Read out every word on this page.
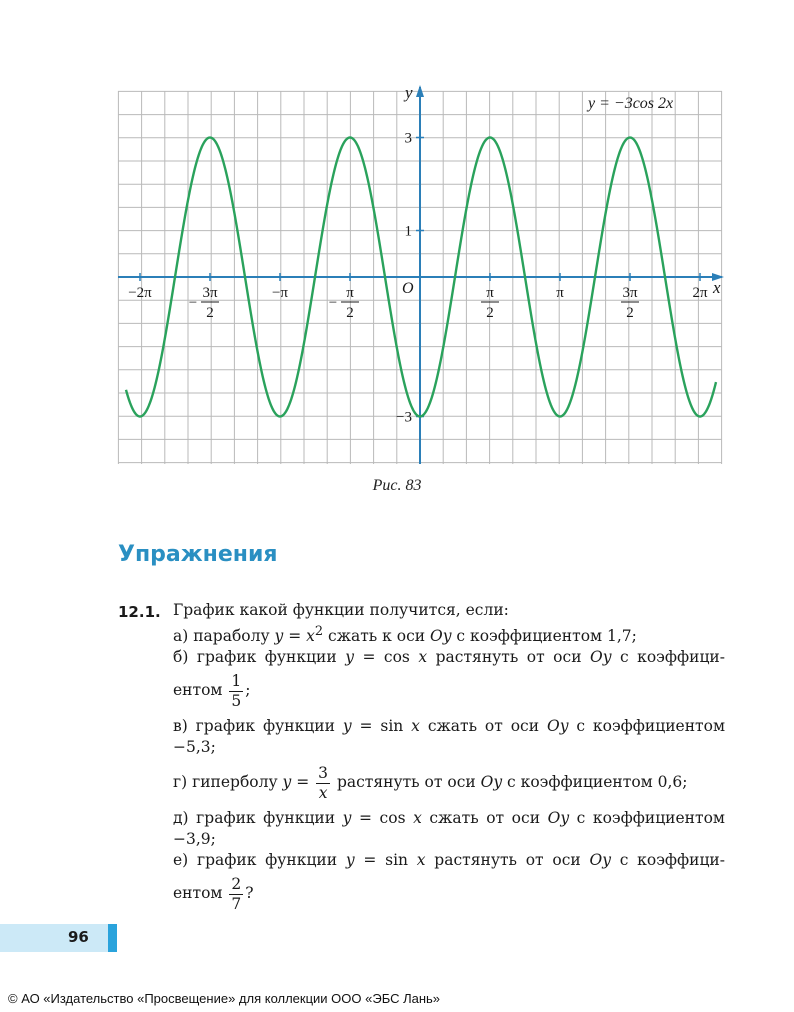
−2π	3π
2
−
−π	π
2
−
π
2
π	3π
2
2π
3
1
−3
y = −3cos 2x
y
x
O
Рис. 83
Упражнения
12.1. График какой функции получится, если:
а) параболу $y = x^2$ сжать к оси Oy с коэффициентом 1,7;
б) график функции y = cos x растянуть от оси Oy с коэффици-
ентом $\frac{1}{5}$ ;
в) график функции y = sin x сжать от оси Oy с коэффициентом
−5,3;
г) гиперболу $y = \frac{3}{x}$ растянуть от оси Oy с коэффициентом 0,6;
д) график функции y = cos x сжать от оси Oy с коэффициентом
−3,9;
е) график функции y = sin x растянуть от оси Oy с коэффици-
ентом $\frac{2}{7}$ ?
96
© АО «Издательство «Просвещение» для коллекции ООО «ЭБС Лань»
